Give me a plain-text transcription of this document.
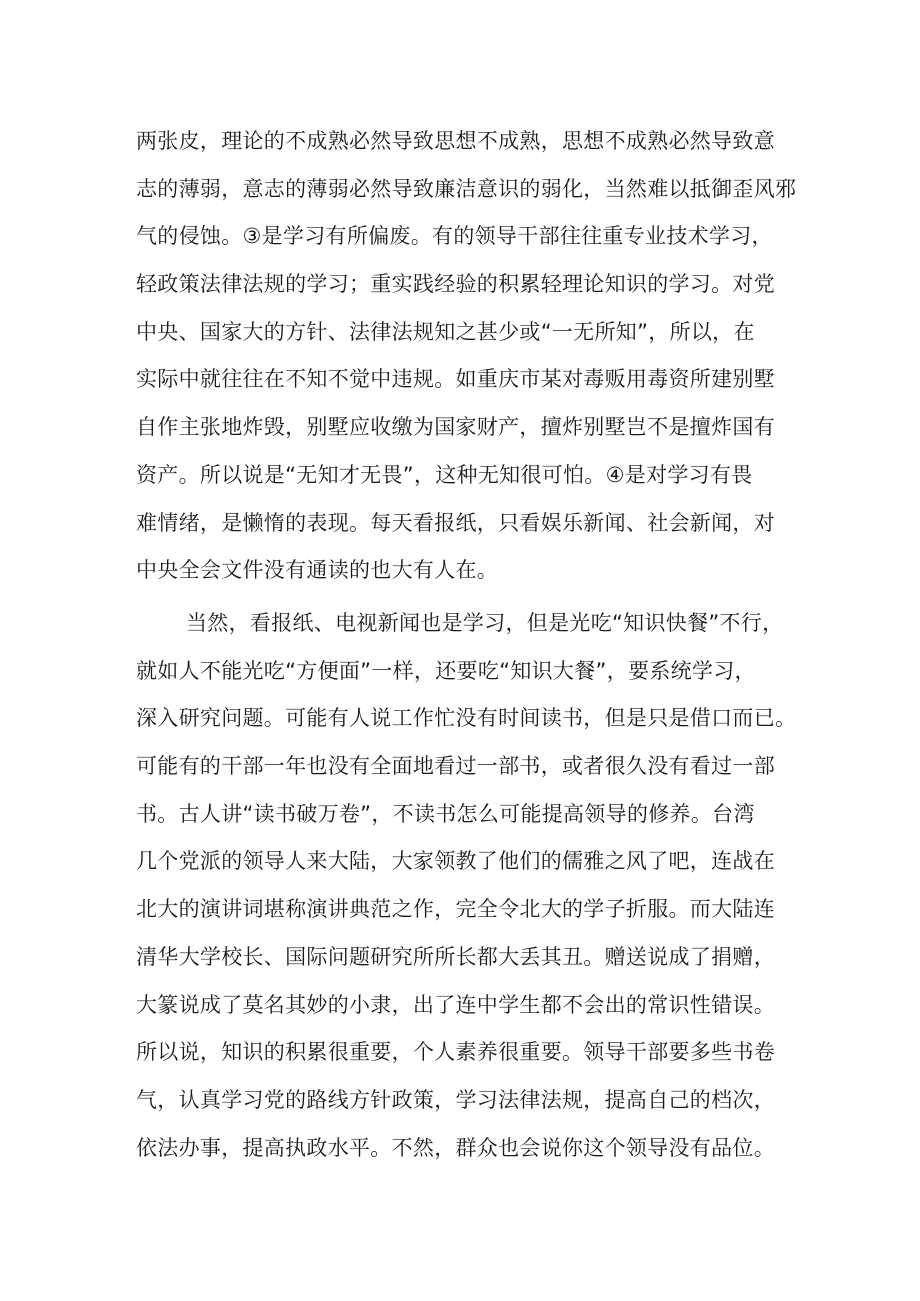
两张皮，理论的不成熟必然导致思想不成熟，思想不成熟必然导致意
志的薄弱，意志的薄弱必然导致廉洁意识的弱化，当然难以抵御歪风邪
气的侵蚀。③是学习有所偏废。有的领导干部往往重专业技术学习，
轻政策法律法规的学习；重实践经验的积累轻理论知识的学习。对党
中央、国家大的方针、法律法规知之甚少或“一无所知”，所以，在
实际中就往往在不知不觉中违规。如重庆市某对毒贩用毒资所建别墅
自作主张地炸毁，别墅应收缴为国家财产，擅炸别墅岂不是擅炸国有
资产。所以说是“无知才无畏”，这种无知很可怕。④是对学习有畏
难情绪，是懒惰的表现。每天看报纸，只看娱乐新闻、社会新闻，对
中央全会文件没有通读的也大有人在。
当然，看报纸、电视新闻也是学习，但是光吃“知识快餐”不行，
就如人不能光吃“方便面”一样，还要吃“知识大餐”，要系统学习，
深入研究问题。可能有人说工作忙没有时间读书，但是只是借口而已。
可能有的干部一年也没有全面地看过一部书，或者很久没有看过一部
书。古人讲“读书破万卷”，不读书怎么可能提高领导的修养。台湾
几个党派的领导人来大陆，大家领教了他们的儒雅之风了吧，连战在
北大的演讲词堪称演讲典范之作，完全令北大的学子折服。而大陆连
清华大学校长、国际问题研究所所长都大丢其丑。赠送说成了捐赠，
大篆说成了莫名其妙的小隶，出了连中学生都不会出的常识性错误。
所以说，知识的积累很重要，个人素养很重要。领导干部要多些书卷
气，认真学习党的路线方针政策，学习法律法规，提高自己的档次，
依法办事，提高执政水平。不然，群众也会说你这个领导没有品位。
